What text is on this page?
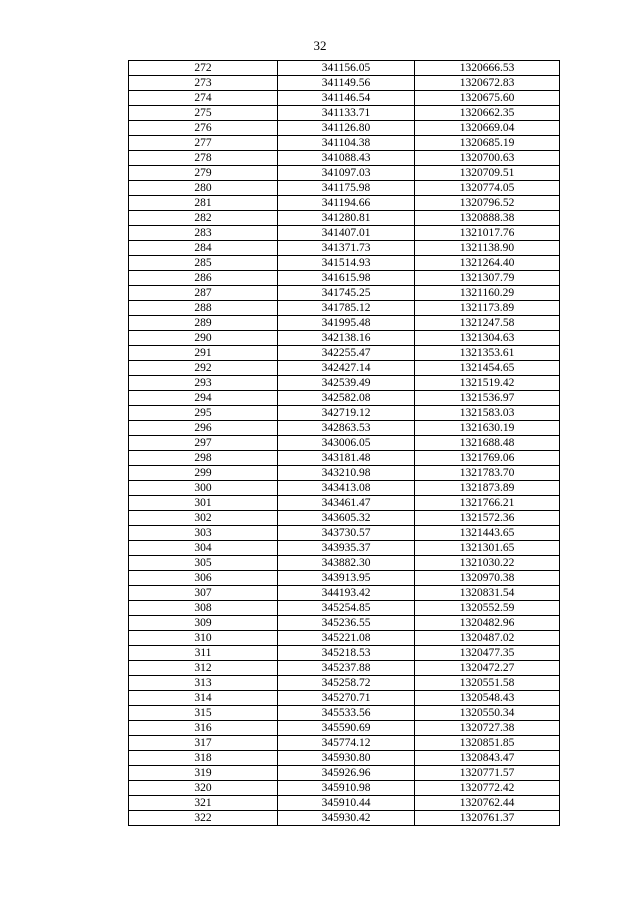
32
272	341156.05	1320666.53
273	341149.56	1320672.83
274	341146.54	1320675.60
275	341133.71	1320662.35
276	341126.80	1320669.04
277	341104.38	1320685.19
278	341088.43	1320700.63
279	341097.03	1320709.51
280	341175.98	1320774.05
281	341194.66	1320796.52
282	341280.81	1320888.38
283	341407.01	1321017.76
284	341371.73	1321138.90
285	341514.93	1321264.40
286	341615.98	1321307.79
287	341745.25	1321160.29
288	341785.12	1321173.89
289	341995.48	1321247.58
290	342138.16	1321304.63
291	342255.47	1321353.61
292	342427.14	1321454.65
293	342539.49	1321519.42
294	342582.08	1321536.97
295	342719.12	1321583.03
296	342863.53	1321630.19
297	343006.05	1321688.48
298	343181.48	1321769.06
299	343210.98	1321783.70
300	343413.08	1321873.89
301	343461.47	1321766.21
302	343605.32	1321572.36
303	343730.57	1321443.65
304	343935.37	1321301.65
305	343882.30	1321030.22
306	343913.95	1320970.38
307	344193.42	1320831.54
308	345254.85	1320552.59
309	345236.55	1320482.96
310	345221.08	1320487.02
311	345218.53	1320477.35
312	345237.88	1320472.27
313	345258.72	1320551.58
314	345270.71	1320548.43
315	345533.56	1320550.34
316	345590.69	1320727.38
317	345774.12	1320851.85
318	345930.80	1320843.47
319	345926.96	1320771.57
320	345910.98	1320772.42
321	345910.44	1320762.44
322	345930.42	1320761.37
